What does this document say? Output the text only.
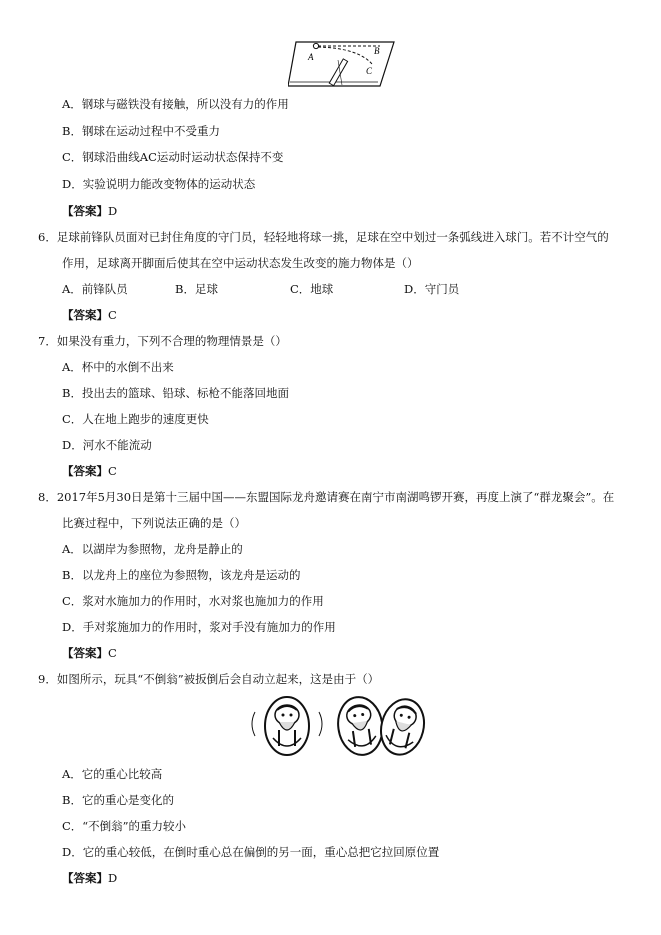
A
B
C
A．钢球与磁铁没有接触，所以没有力的作用
B．钢球在运动过程中不受重力
C．钢球沿曲线AC运动时运动状态保持不变
D．实验说明力能改变物体的运动状态
【答案】D
6．足球前锋队员面对已封住角度的守门员，轻轻地将球一挑，足球在空中划过一条弧线进入球门。若不计空气的
作用，足球离开脚面后使其在空中运动状态发生改变的施力物体是（）
A．前锋队员	B．足球	C．地球	D．守门员
【答案】C
7．如果没有重力，下列不合理的物理情景是（）
A．杯中的水倒不出来
B．投出去的篮球、铅球、标枪不能落回地面
C．人在地上跑步的速度更快
D．河水不能流动
【答案】C
8．2017年5月30日是第十三届中国——东盟国际龙舟邀请赛在南宁市南湖鸣锣开赛，再度上演了“群龙聚会”。在
比赛过程中，下列说法正确的是（）
A．以湖岸为参照物，龙舟是静止的
B．以龙舟上的座位为参照物，该龙舟是运动的
C．浆对水施加力的作用时，水对浆也施加力的作用
D．手对浆施加力的作用时，浆对手没有施加力的作用
【答案】C
9．如图所示，玩具“不倒翁”被扳倒后会自动立起来，这是由于（）
A．它的重心比较高
B．它的重心是变化的
C．“不倒翁”的重力较小
D．它的重心较低，在倒时重心总在偏倒的另一面，重心总把它拉回原位置
【答案】D
